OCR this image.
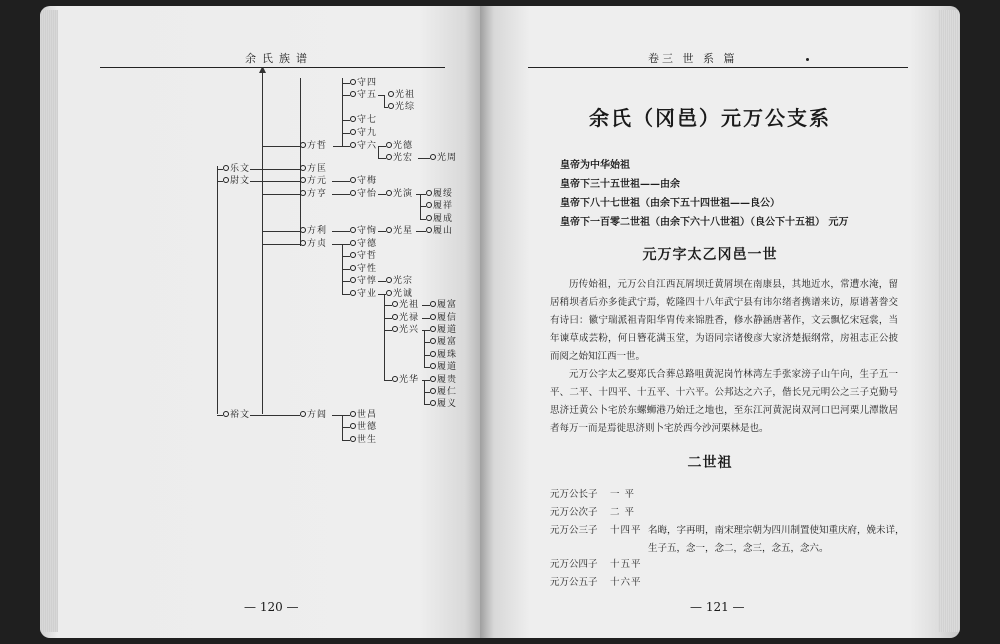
余氏族谱
乐文
尉文
裕文
方哲
方匡
方元
方亨
方利
方贞
方闾
守四
守五
守七
守九
守六
光祖
光综
光德
光宏	光周
守梅
守怡	光演	履绥
履祥
履成
守恂	光星	履山
守德
守哲
守性
守惇
守业
光宗
光诚
光祖
光禄
光兴
光华
履富
履信
履道
履富
履珠
履道
履贵
履仁
履义
世昌
世德
世生
— 120 —
卷三 世 系 篇
余氏（冈邑）元万公支系
皇帝为中华始祖
皇帝下三十五世祖——由余
皇帝下八十七世祖（由余下五十四世祖——良公）
皇帝下一百零二世祖（由余下六十八世祖）（良公下十五祖） 元万
元万字太乙冈邑一世

历传始祖，元万公自江西瓦屑坝迁黄屑坝在南康县，其地近水，常遭水淹，留居稍坝者后亦多徙武宁焉，乾隆四十八年武宁县有讳尔绪者携谱来访，原谱著誊交有诗曰：徽宁瑞派祖青阳华胄传来锦胜香，修水静涵唐著作，文云飘忆宋冠裳，当年谏草成芸粉，何日簪花满玉堂，为语同宗诸俊彦大家济楚振纲常，房祖志正公披而阅之始知江西一世。

元万公字太乙娶郑氏合葬总路咀黄泥岗竹林湾左手张家滂子山午向，生子五一平、二平、十四平、十五平、十六平。公邦达之六子，偕长兄元明公之三子克勤号思济迁黄公卜宅於东螺蛳港乃始迁之地也，至东江河黄泥岗双河口巴河栗儿潭散居者每万一而是焉徙思济则卜宅於西今沙河栗林是也。

二世祖
元万公长子 一 平
元万公次子 二 平
元万公三子 十四平 名晦，字再明，南宋理宗朝为四川制置使知重庆府，娩未详，
生子五，念一，念二，念三，念五，念六。
元万公四子 十五平
元万公五子 十六平
— 121 —
